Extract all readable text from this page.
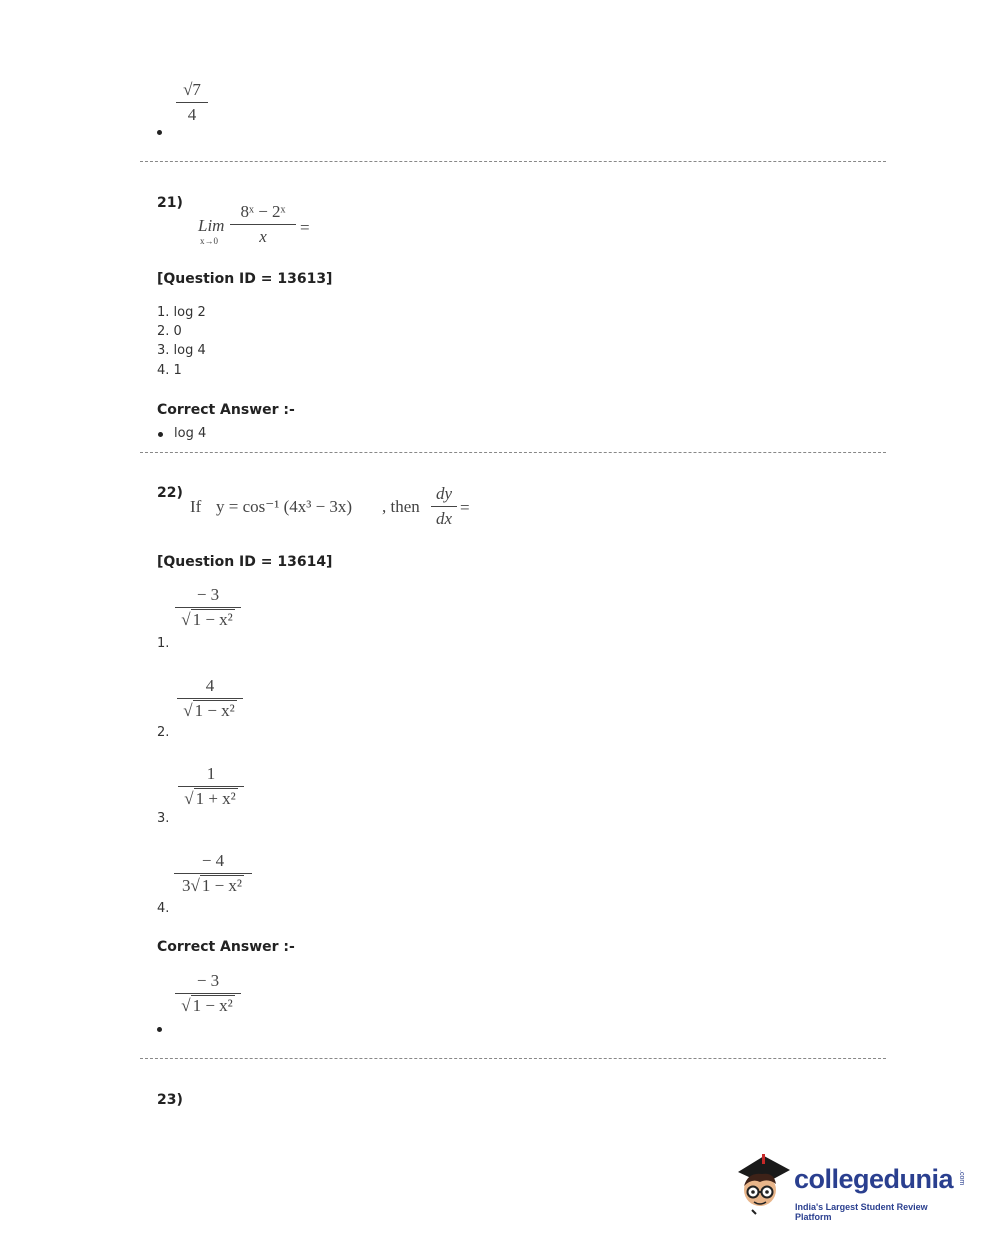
√7
4
21)
Lim
x→0
8ˣ − 2ˣ
x	=
[Question ID = 13613]
1. log 2
2. 0
3. log 4
4. 1
Correct Answer :-
log 4
22)
If y = cos⁻¹ (4x³ − 3x) , then
dy
dx
=
[Question ID = 13614]
1.
− 3
√ 1 − x²
2.
4
√ 1 − x²
3.
1
√ 1 + x²
4.
− 4
3√ 1 − x²
Correct Answer :-
− 3
√ 1 − x²
23)
collegedunia .com
India's Largest Student Review Platform
